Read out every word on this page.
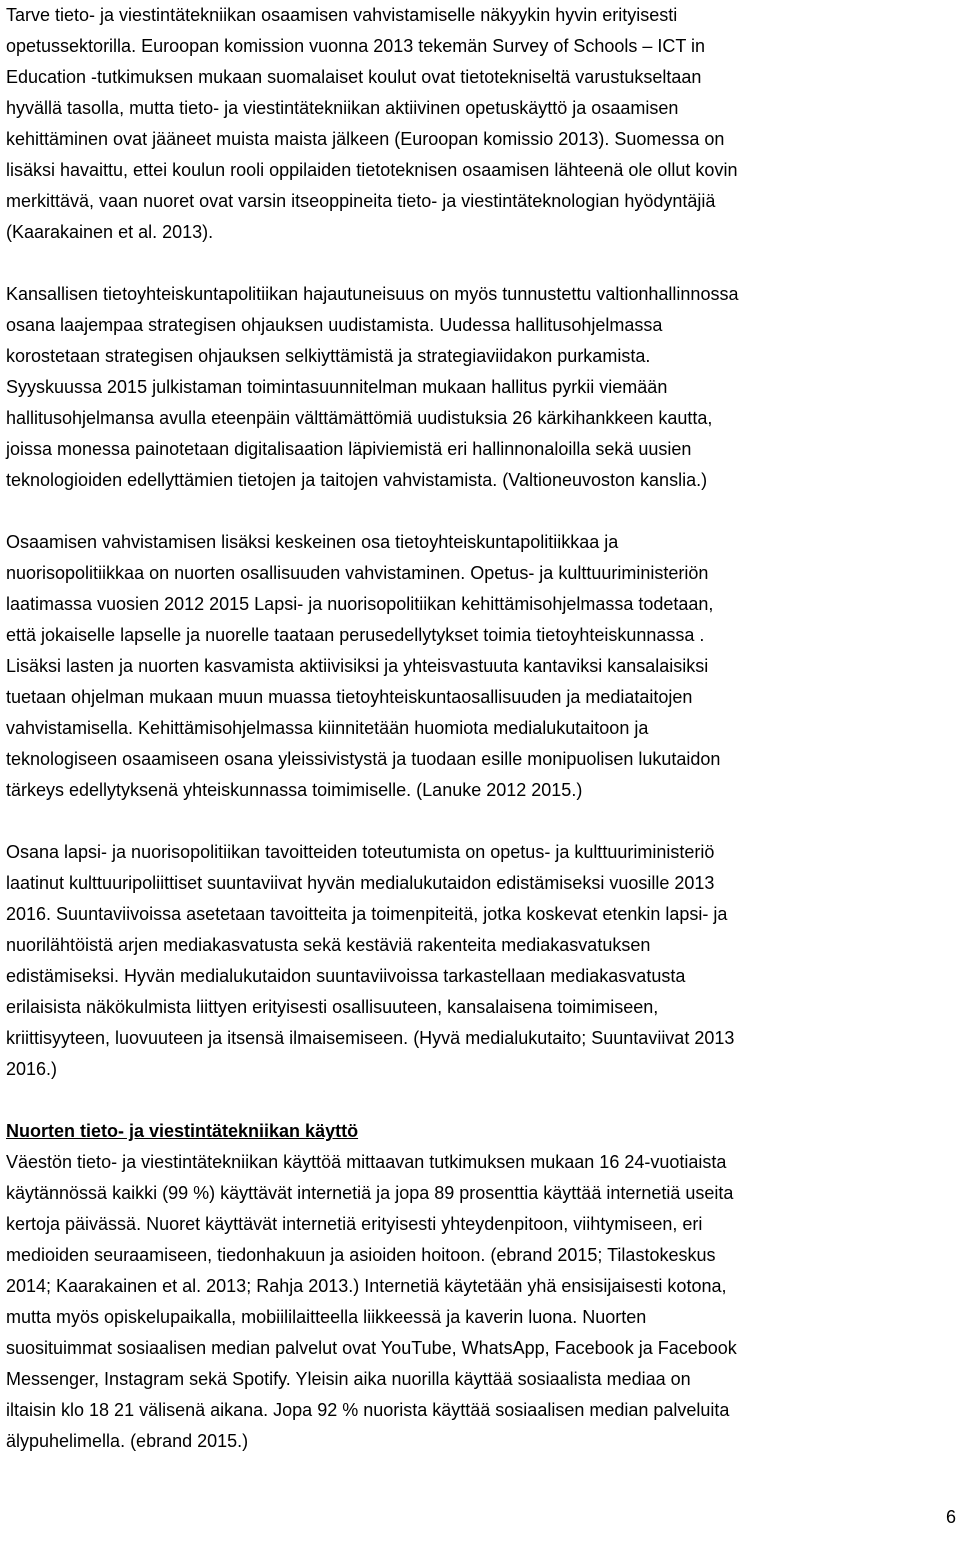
Tarve tieto- ja viestintätekniikan osaamisen vahvistamiselle näkyykin hyvin erityisesti
opetussektorilla. Euroopan komission vuonna 2013 tekemän Survey of Schools – ICT in
Education -tutkimuksen mukaan suomalaiset koulut ovat tietotekniseltä varustukseltaan
hyvällä tasolla, mutta tieto- ja viestintätekniikan aktiivinen opetuskäyttö ja osaamisen
kehittäminen ovat jääneet muista maista jälkeen (Euroopan komissio 2013). Suomessa on
lisäksi havaittu, ettei koulun rooli oppilaiden tietoteknisen osaamisen lähteenä ole ollut kovin
merkittävä, vaan nuoret ovat varsin itseoppineita tieto- ja viestintäteknologian hyödyntäjiä
(Kaarakainen et al. 2013).

Kansallisen tietoyhteiskuntapolitiikan hajautuneisuus on myös tunnustettu valtionhallinnossa
osana laajempaa strategisen ohjauksen uudistamista. Uudessa hallitusohjelmassa
korostetaan strategisen ohjauksen selkiyttämistä ja strategiaviidakon purkamista.
Syyskuussa 2015 julkistaman toimintasuunnitelman mukaan hallitus pyrkii viemään
hallitusohjelmansa avulla eteenpäin välttämättömiä uudistuksia 26 kärkihankkeen kautta,
joissa monessa painotetaan digitalisaation läpiviemistä eri hallinnonaloilla sekä uusien
teknologioiden edellyttämien tietojen ja taitojen vahvistamista. (Valtioneuvoston kanslia.)

Osaamisen vahvistamisen lisäksi keskeinen osa tietoyhteiskuntapolitiikkaa ja
nuorisopolitiikkaa on nuorten osallisuuden vahvistaminen. Opetus- ja kulttuuriministeriön
laatimassa vuosien 2012 2015 Lapsi- ja nuorisopolitiikan kehittämisohjelmassa todetaan,
että jokaiselle lapselle ja nuorelle taataan perusedellytykset toimia tietoyhteiskunnassa .
Lisäksi lasten ja nuorten kasvamista aktiivisiksi ja yhteisvastuuta kantaviksi kansalaisiksi
tuetaan ohjelman mukaan muun muassa tietoyhteiskuntaosallisuuden ja mediataitojen
vahvistamisella. Kehittämisohjelmassa kiinnitetään huomiota medialukutaitoon ja
teknologiseen osaamiseen osana yleissivistystä ja tuodaan esille monipuolisen lukutaidon
tärkeys edellytyksenä yhteiskunnassa toimimiselle. (Lanuke 2012 2015.)

Osana lapsi- ja nuorisopolitiikan tavoitteiden toteutumista on opetus- ja kulttuuriministeriö
laatinut kulttuuripoliittiset suuntaviivat hyvän medialukutaidon edistämiseksi vuosille 2013
2016. Suuntaviivoissa asetetaan tavoitteita ja toimenpiteitä, jotka koskevat etenkin lapsi- ja
nuorilähtöistä arjen mediakasvatusta sekä kestäviä rakenteita mediakasvatuksen
edistämiseksi. Hyvän medialukutaidon suuntaviivoissa tarkastellaan mediakasvatusta
erilaisista näkökulmista liittyen erityisesti osallisuuteen, kansalaisena toimimiseen,
kriittisyyteen, luovuuteen ja itsensä ilmaisemiseen. (Hyvä medialukutaito; Suuntaviivat 2013
2016.)

Nuorten tieto- ja viestintätekniikan käyttö

Väestön tieto- ja viestintätekniikan käyttöä mittaavan tutkimuksen mukaan 16 24-vuotiaista
käytännössä kaikki (99 %) käyttävät internetiä ja jopa 89 prosenttia käyttää internetiä useita
kertoja päivässä. Nuoret käyttävät internetiä erityisesti yhteydenpitoon, viihtymiseen, eri
medioiden seuraamiseen, tiedonhakuun ja asioiden hoitoon. (ebrand 2015; Tilastokeskus
2014; Kaarakainen et al. 2013; Rahja 2013.) Internetiä käytetään yhä ensisijaisesti kotona,
mutta myös opiskelupaikalla, mobiililaitteella liikkeessä ja kaverin luona. Nuorten
suosituimmat sosiaalisen median palvelut ovat YouTube, WhatsApp, Facebook ja Facebook
Messenger, Instagram sekä Spotify. Yleisin aika nuorilla käyttää sosiaalista mediaa on
iltaisin klo 18 21 välisenä aikana. Jopa 92 % nuorista käyttää sosiaalisen median palveluita
älypuhelimella. (ebrand 2015.)

6
